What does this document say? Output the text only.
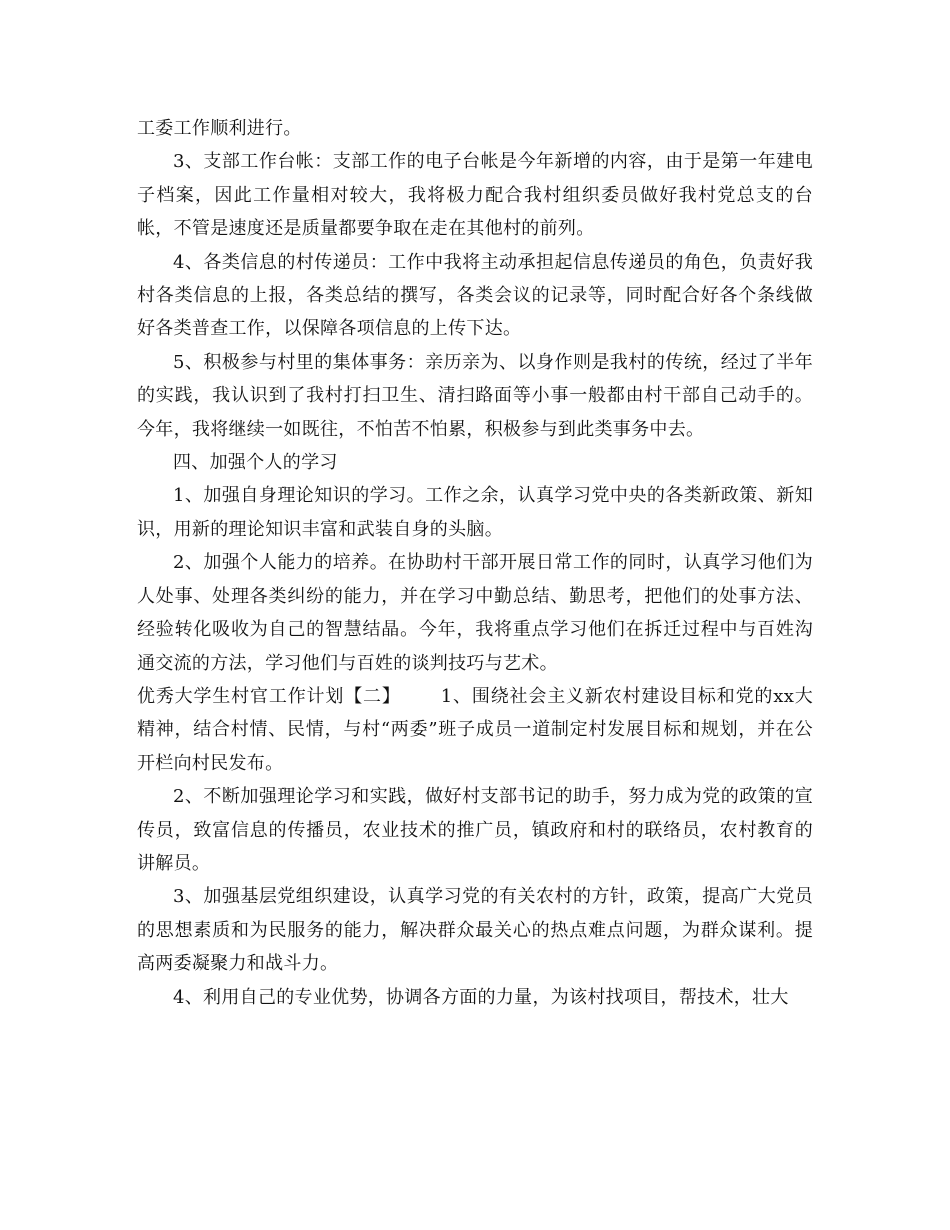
工委工作顺利进行。

3、支部工作台帐：支部工作的电子台帐是今年新增的内容，由于是第一年建电子档案，因此工作量相对较大，我将极力配合我村组织委员做好我村党总支的台帐，不管是速度还是质量都要争取在走在其他村的前列。

4、各类信息的村传递员：工作中我将主动承担起信息传递员的角色，负责好我村各类信息的上报，各类总结的撰写，各类会议的记录等，同时配合好各个条线做好各类普查工作，以保障各项信息的上传下达。

5、积极参与村里的集体事务：亲历亲为、以身作则是我村的传统，经过了半年的实践，我认识到了我村打扫卫生、清扫路面等小事一般都由村干部自己动手的。今年，我将继续一如既往，不怕苦不怕累，积极参与到此类事务中去。

四、加强个人的学习

1、加强自身理论知识的学习。工作之余，认真学习党中央的各类新政策、新知识，用新的理论知识丰富和武装自身的头脑。

2、加强个人能力的培养。在协助村干部开展日常工作的同时，认真学习他们为人处事、处理各类纠纷的能力，并在学习中勤总结、勤思考，把他们的处事方法、经验转化吸收为自己的智慧结晶。今年，我将重点学习他们在拆迁过程中与百姓沟通交流的方法，学习他们与百姓的谈判技巧与艺术。

优秀大学生村官工作计划【二】 1、围绕社会主义新农村建设目标和党的xx大精神，结合村情、民情，与村“两委”班子成员一道制定村发展目标和规划，并在公开栏向村民发布。

2、不断加强理论学习和实践，做好村支部书记的助手，努力成为党的政策的宣传员，致富信息的传播员，农业技术的推广员，镇政府和村的联络员，农村教育的讲解员。

3、加强基层党组织建设，认真学习党的有关农村的方针，政策，提高广大党员的思想素质和为民服务的能力，解决群众最关心的热点难点问题，为群众谋利。提高两委凝聚力和战斗力。

4、利用自己的专业优势，协调各方面的力量，为该村找项目，帮技术，壮大
